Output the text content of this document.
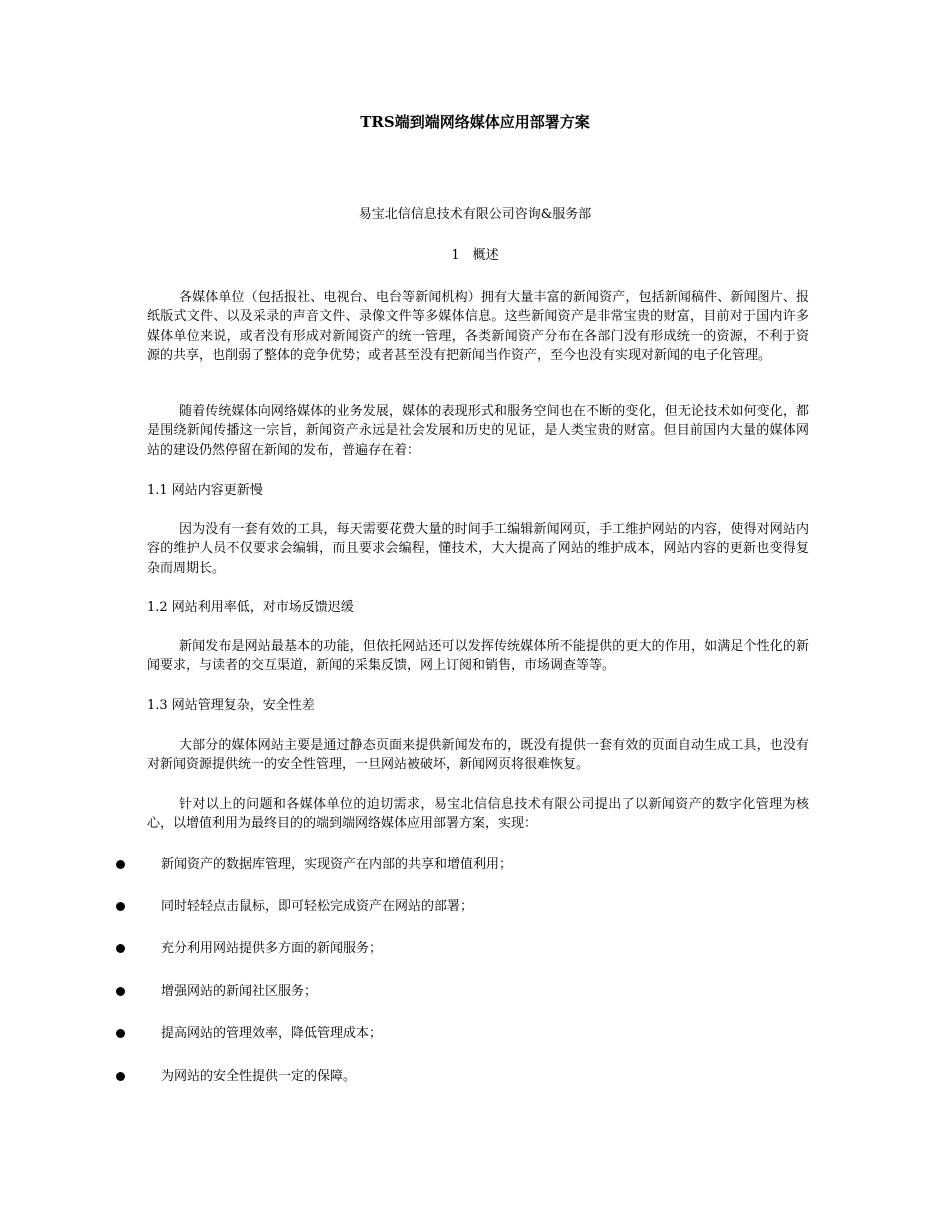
TRS端到端网络媒体应用部署方案
易宝北信信息技术有限公司咨询&服务部
1　概述

各媒体单位（包括报社、电视台、电台等新闻机构）拥有大量丰富的新闻资产，包括新闻稿件、新闻图片、报纸版式文件、以及采录的声音文件、录像文件等多媒体信息。这些新闻资产是非常宝贵的财富，目前对于国内许多媒体单位来说，或者没有形成对新闻资产的统一管理，各类新闻资产分布在各部门没有形成统一的资源，不利于资源的共享，也削弱了整体的竞争优势；或者甚至没有把新闻当作资产，至今也没有实现对新闻的电子化管理。

随着传统媒体向网络媒体的业务发展，媒体的表现形式和服务空间也在不断的变化，但无论技术如何变化，都是围绕新闻传播这一宗旨，新闻资产永远是社会发展和历史的见证，是人类宝贵的财富。但目前国内大量的媒体网站的建设仍然停留在新闻的发布，普遍存在着：

1.1 网站内容更新慢

因为没有一套有效的工具，每天需要花费大量的时间手工编辑新闻网页，手工维护网站的内容，使得对网站内容的维护人员不仅要求会编辑，而且要求会编程，懂技术，大大提高了网站的维护成本，网站内容的更新也变得复杂而周期长。

1.2 网站利用率低，对市场反馈迟缓

新闻发布是网站最基本的功能，但依托网站还可以发挥传统媒体所不能提供的更大的作用，如满足个性化的新闻要求，与读者的交互渠道，新闻的采集反馈，网上订阅和销售，市场调查等等。

1.3 网站管理复杂，安全性差

大部分的媒体网站主要是通过静态页面来提供新闻发布的，既没有提供一套有效的页面自动生成工具，也没有对新闻资源提供统一的安全性管理，一旦网站被破坏，新闻网页将很难恢复。

针对以上的问题和各媒体单位的迫切需求，易宝北信信息技术有限公司提出了以新闻资产的数字化管理为核心，以增值利用为最终目的的端到端网络媒体应用部署方案，实现：

新闻资产的数据库管理，实现资产在内部的共享和增值利用；
同时轻轻点击鼠标，即可轻松完成资产在网站的部署；
充分利用网站提供多方面的新闻服务；
增强网站的新闻社区服务；
提高网站的管理效率，降低管理成本；
为网站的安全性提供一定的保障。
